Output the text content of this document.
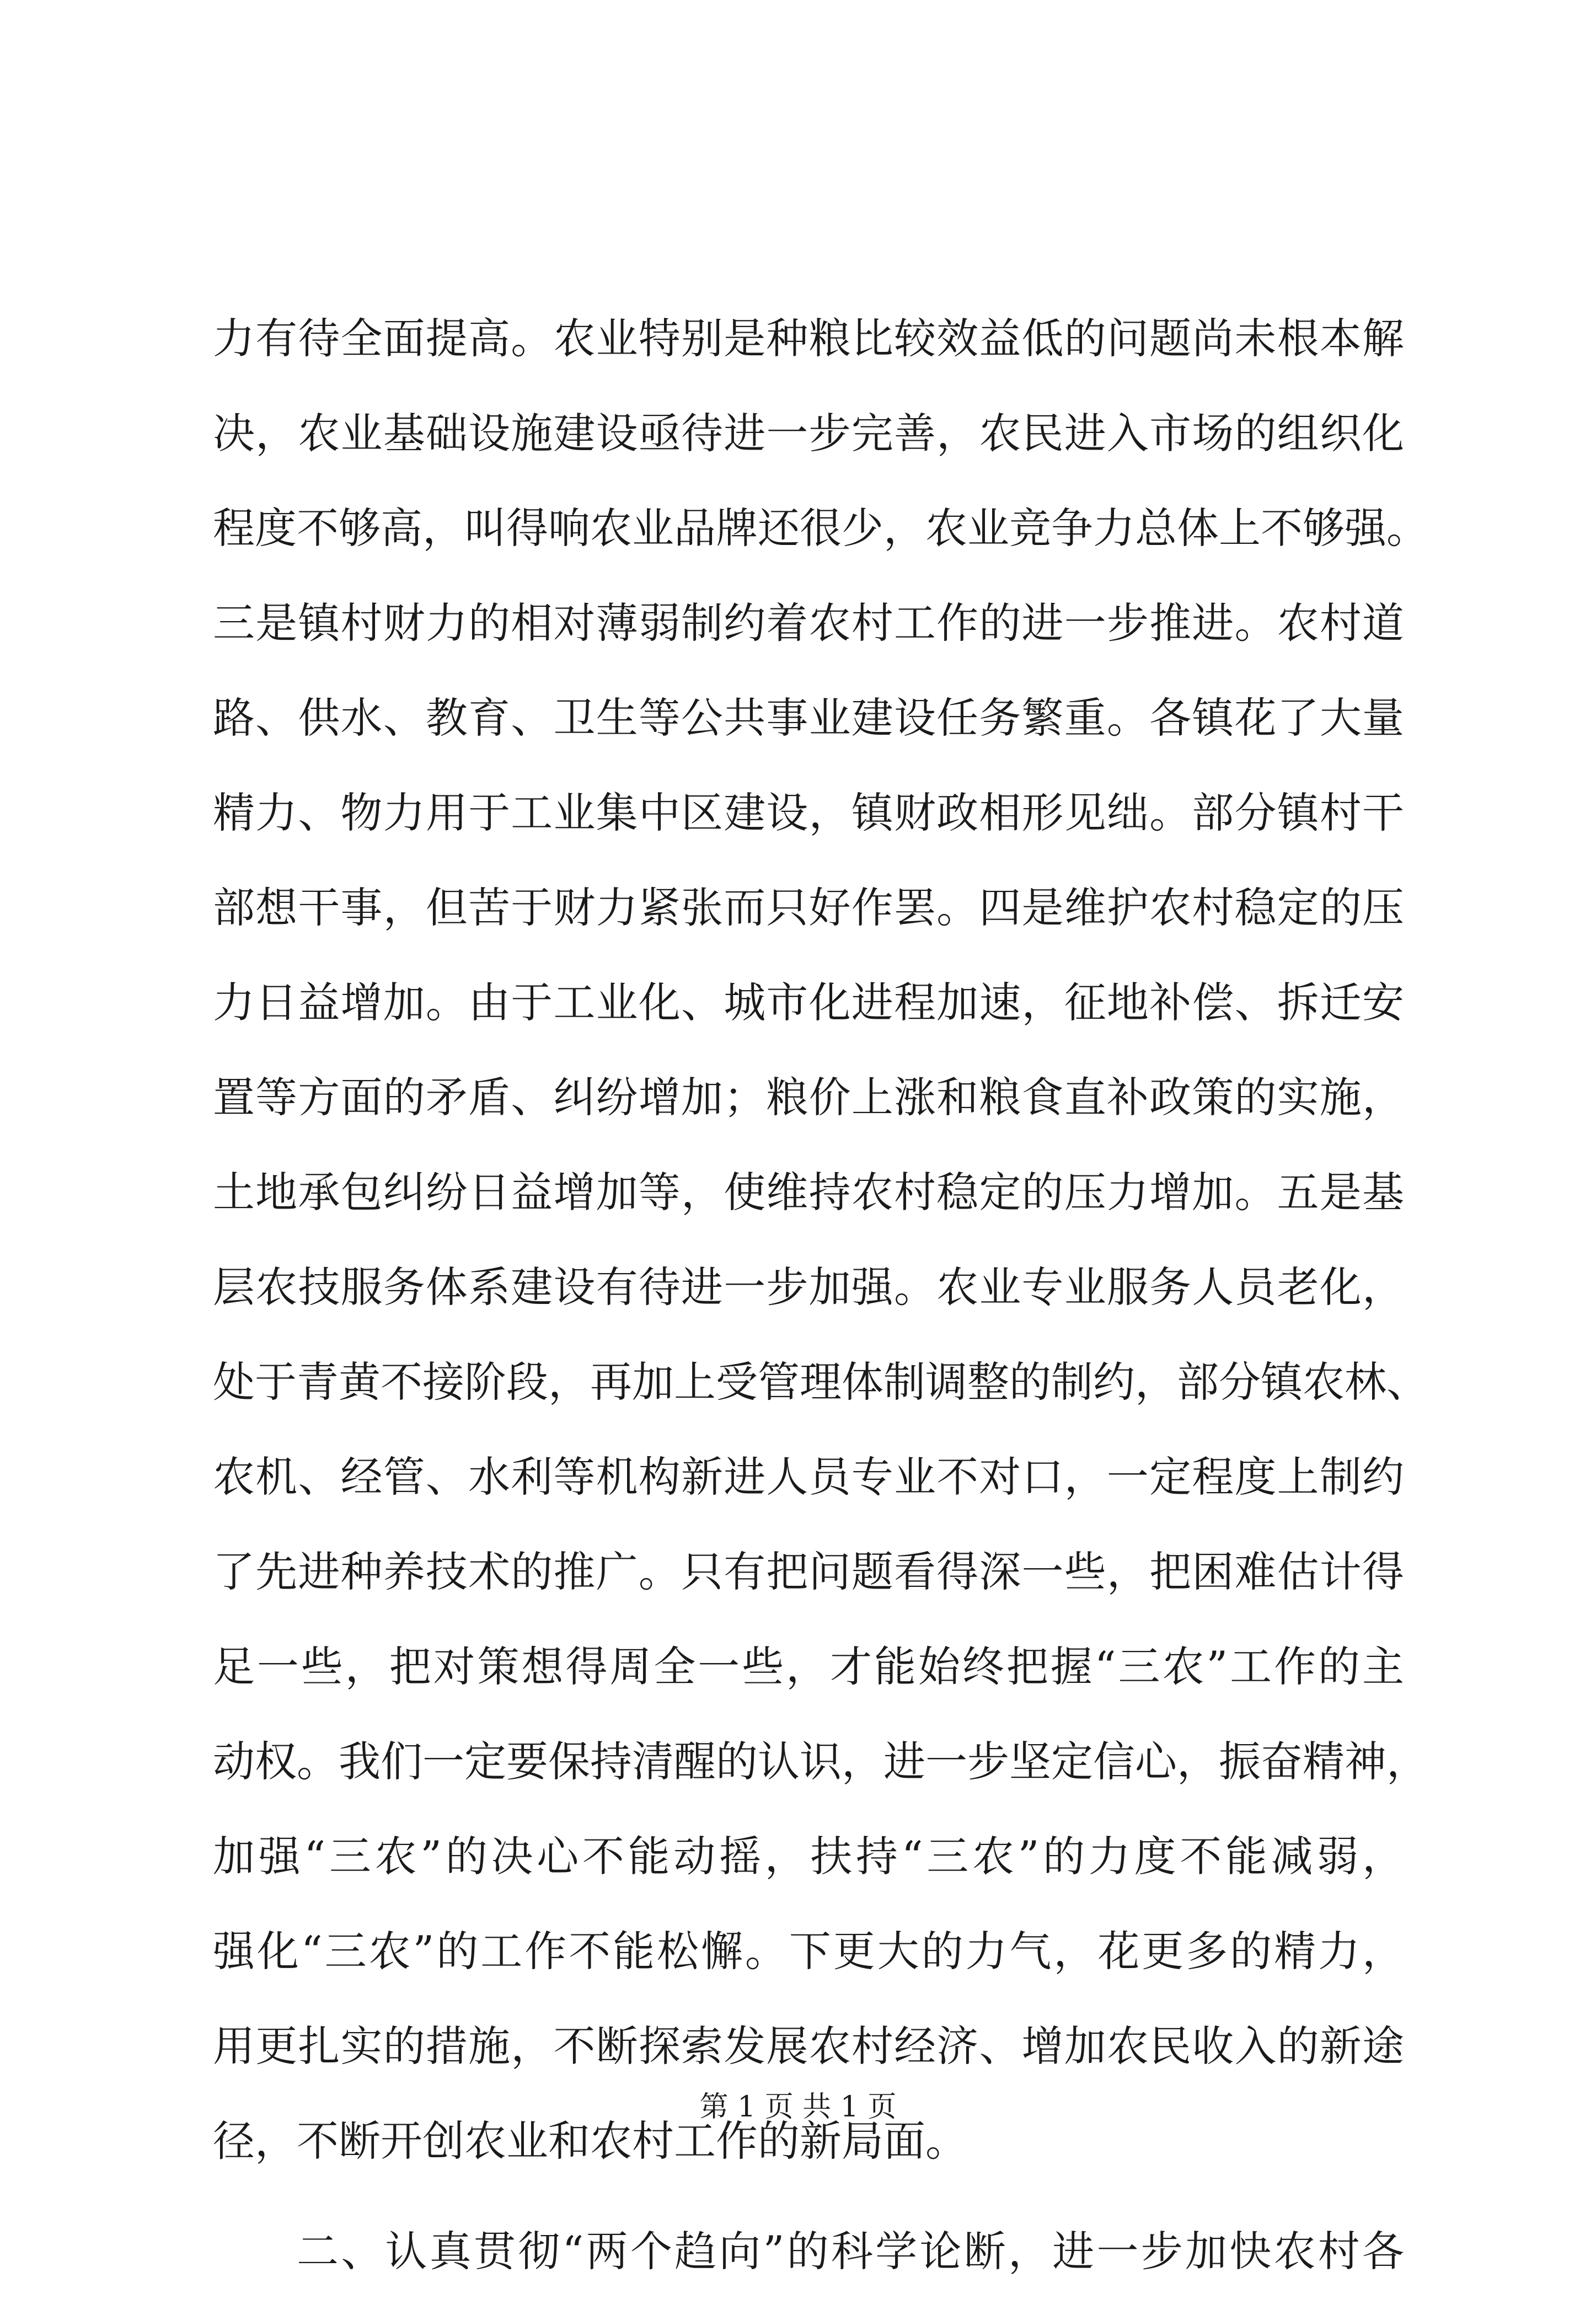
力有待全面提高。农业特别是种粮比较效益低的问题尚未根本解
决，农业基础设施建设亟待进一步完善，农民进入市场的组织化
程度不够高，叫得响农业品牌还很少，农业竞争力总体上不够强。
三是镇村财力的相对薄弱制约着农村工作的进一步推进。农村道
路、供水、教育、卫生等公共事业建设任务繁重。各镇花了大量
精力、物力用于工业集中区建设，镇财政相形见绌。部分镇村干
部想干事，但苦于财力紧张而只好作罢。四是维护农村稳定的压
力日益增加。由于工业化、城市化进程加速，征地补偿、拆迁安
置等方面的矛盾、纠纷增加；粮价上涨和粮食直补政策的实施，
土地承包纠纷日益增加等，使维持农村稳定的压力增加。五是基
层农技服务体系建设有待进一步加强。农业专业服务人员老化，
处于青黄不接阶段，再加上受管理体制调整的制约，部分镇农林、
农机、经管、水利等机构新进人员专业不对口，一定程度上制约
了先进种养技术的推广。只有把问题看得深一些，把困难估计得
足一些，把对策想得周全一些，才能始终把握“三农”工作的主
动权。我们一定要保持清醒的认识，进一步坚定信心，振奋精神，
加强“三农”的决心不能动摇，扶持“三农”的力度不能减弱，
强化“三农”的工作不能松懈。下更大的力气，花更多的精力，
用更扎实的措施，不断探索发展农村经济、增加农民收入的新途
径，不断开创农业和农村工作的新局面。
二、认真贯彻“两个趋向”的科学论断，进一步加快农村各
第 1 页 共 1 页
